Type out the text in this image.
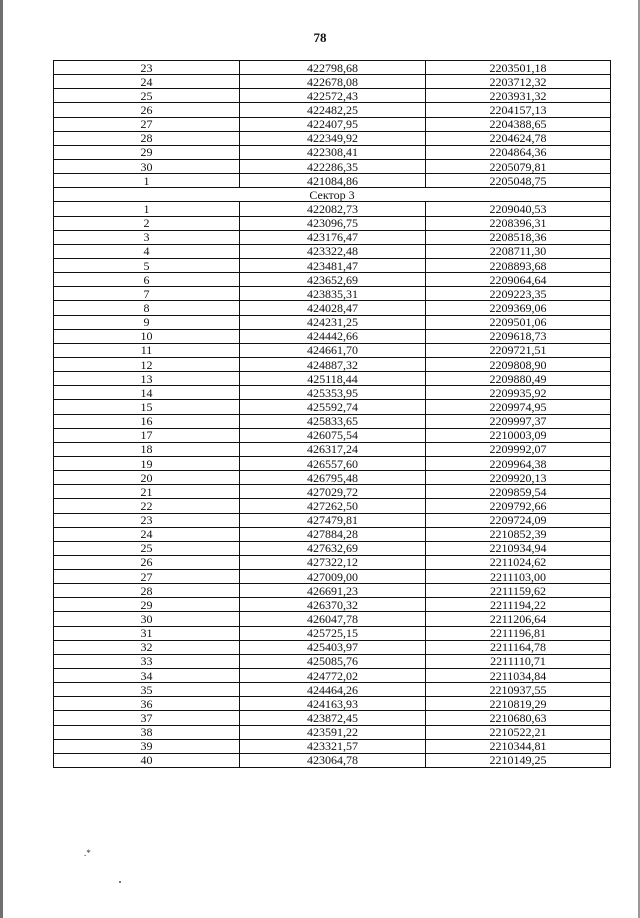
78
23	422798,68	2203501,18
24	422678,08	2203712,32
25	422572,43	2203931,32
26	422482,25	2204157,13
27	422407,95	2204388,65
28	422349,92	2204624,78
29	422308,41	2204864,36
30	422286,35	2205079,81
1	421084,86	2205048,75
Сектор 3		
1	422082,73	2209040,53
2	423096,75	2208396,31
3	423176,47	2208518,36
4	423322,48	2208711,30
5	423481,47	2208893,68
6	423652,69	2209064,64
7	423835,31	2209223,35
8	424028,47	2209369,06
9	424231,25	2209501,06
10	424442,66	2209618,73
11	424661,70	2209721,51
12	424887,32	2209808,90
13	425118,44	2209880,49
14	425353,95	2209935,92
15	425592,74	2209974,95
16	425833,65	2209997,37
17	426075,54	2210003,09
18	426317,24	2209992,07
19	426557,60	2209964,38
20	426795,48	2209920,13
21	427029,72	2209859,54
22	427262,50	2209792,66
23	427479,81	2209724,09
24	427884,28	2210852,39
25	427632,69	2210934,94
26	427322,12	2211024,62
27	427009,00	2211103,00
28	426691,23	2211159,62
29	426370,32	2211194,22
30	426047,78	2211206,64
31	425725,15	2211196,81
32	425403,97	2211164,78
33	425085,76	2211110,71
34	424772,02	2211034,84
35	424464,26	2210937,55
36	424163,93	2210819,29
37	423872,45	2210680,63
38	423591,22	2210522,21
39	423321,57	2210344,81
40	423064,78	2210149,25
.*
